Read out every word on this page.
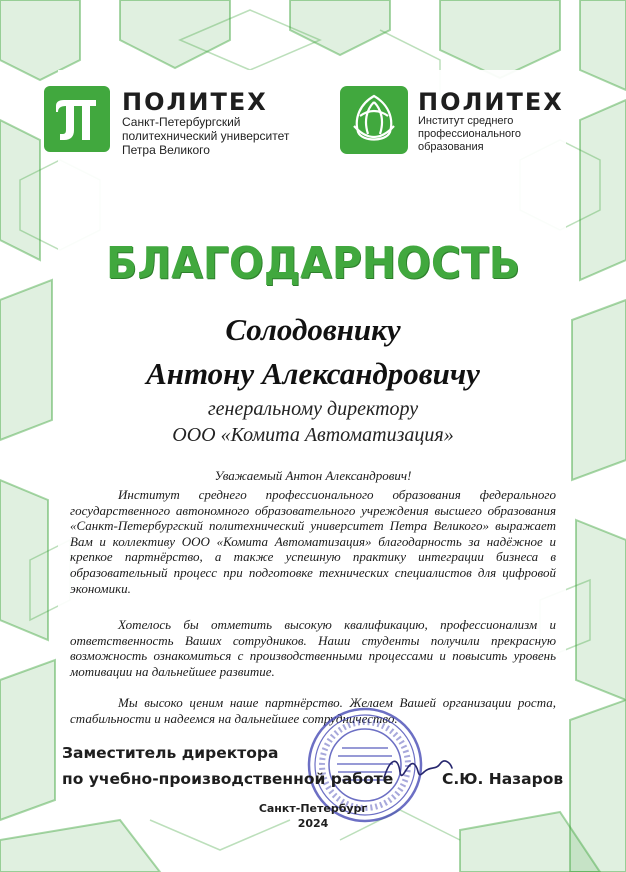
ПОЛИТЕХ
Санкт-Петербургский
политехнический университет
Петра Великого
ПОЛИТЕХ
Институт среднего
профессионального
образования
БЛАГОДАРНОСТЬ
Солодовнику
Антону Александровичу
генеральному директору
ООО «Комита Автоматизация»
Уважаемый Антон Александрович!

Институт среднего профессионального образования федерального государственного автономного образовательного учреждения высшего образования «Санкт-Петербургский политехнический университет Петра Великого» выражает Вам и коллективу ООО «Комита Автоматизация» благодарность за надёжное и крепкое партнёрство, а также успешную практику интеграции бизнеса в образовательный процесс при подготовке технических специалистов для цифровой экономики.

Хотелось бы отметить высокую квалификацию, профессионализм и ответственность Ваших сотрудников. Наши студенты получили прекрасную возможность ознакомиться с производственными процессами и повысить уровень мотивации на дальнейшее развитие.

Мы высоко ценим наше партнёрство. Желаем Вашей организации роста, стабильности и надеемся на дальнейшее сотрудничество.

Заместитель директора
по учебно-производственной работе	С.Ю. Назаров
Санкт-Петербург
2024
